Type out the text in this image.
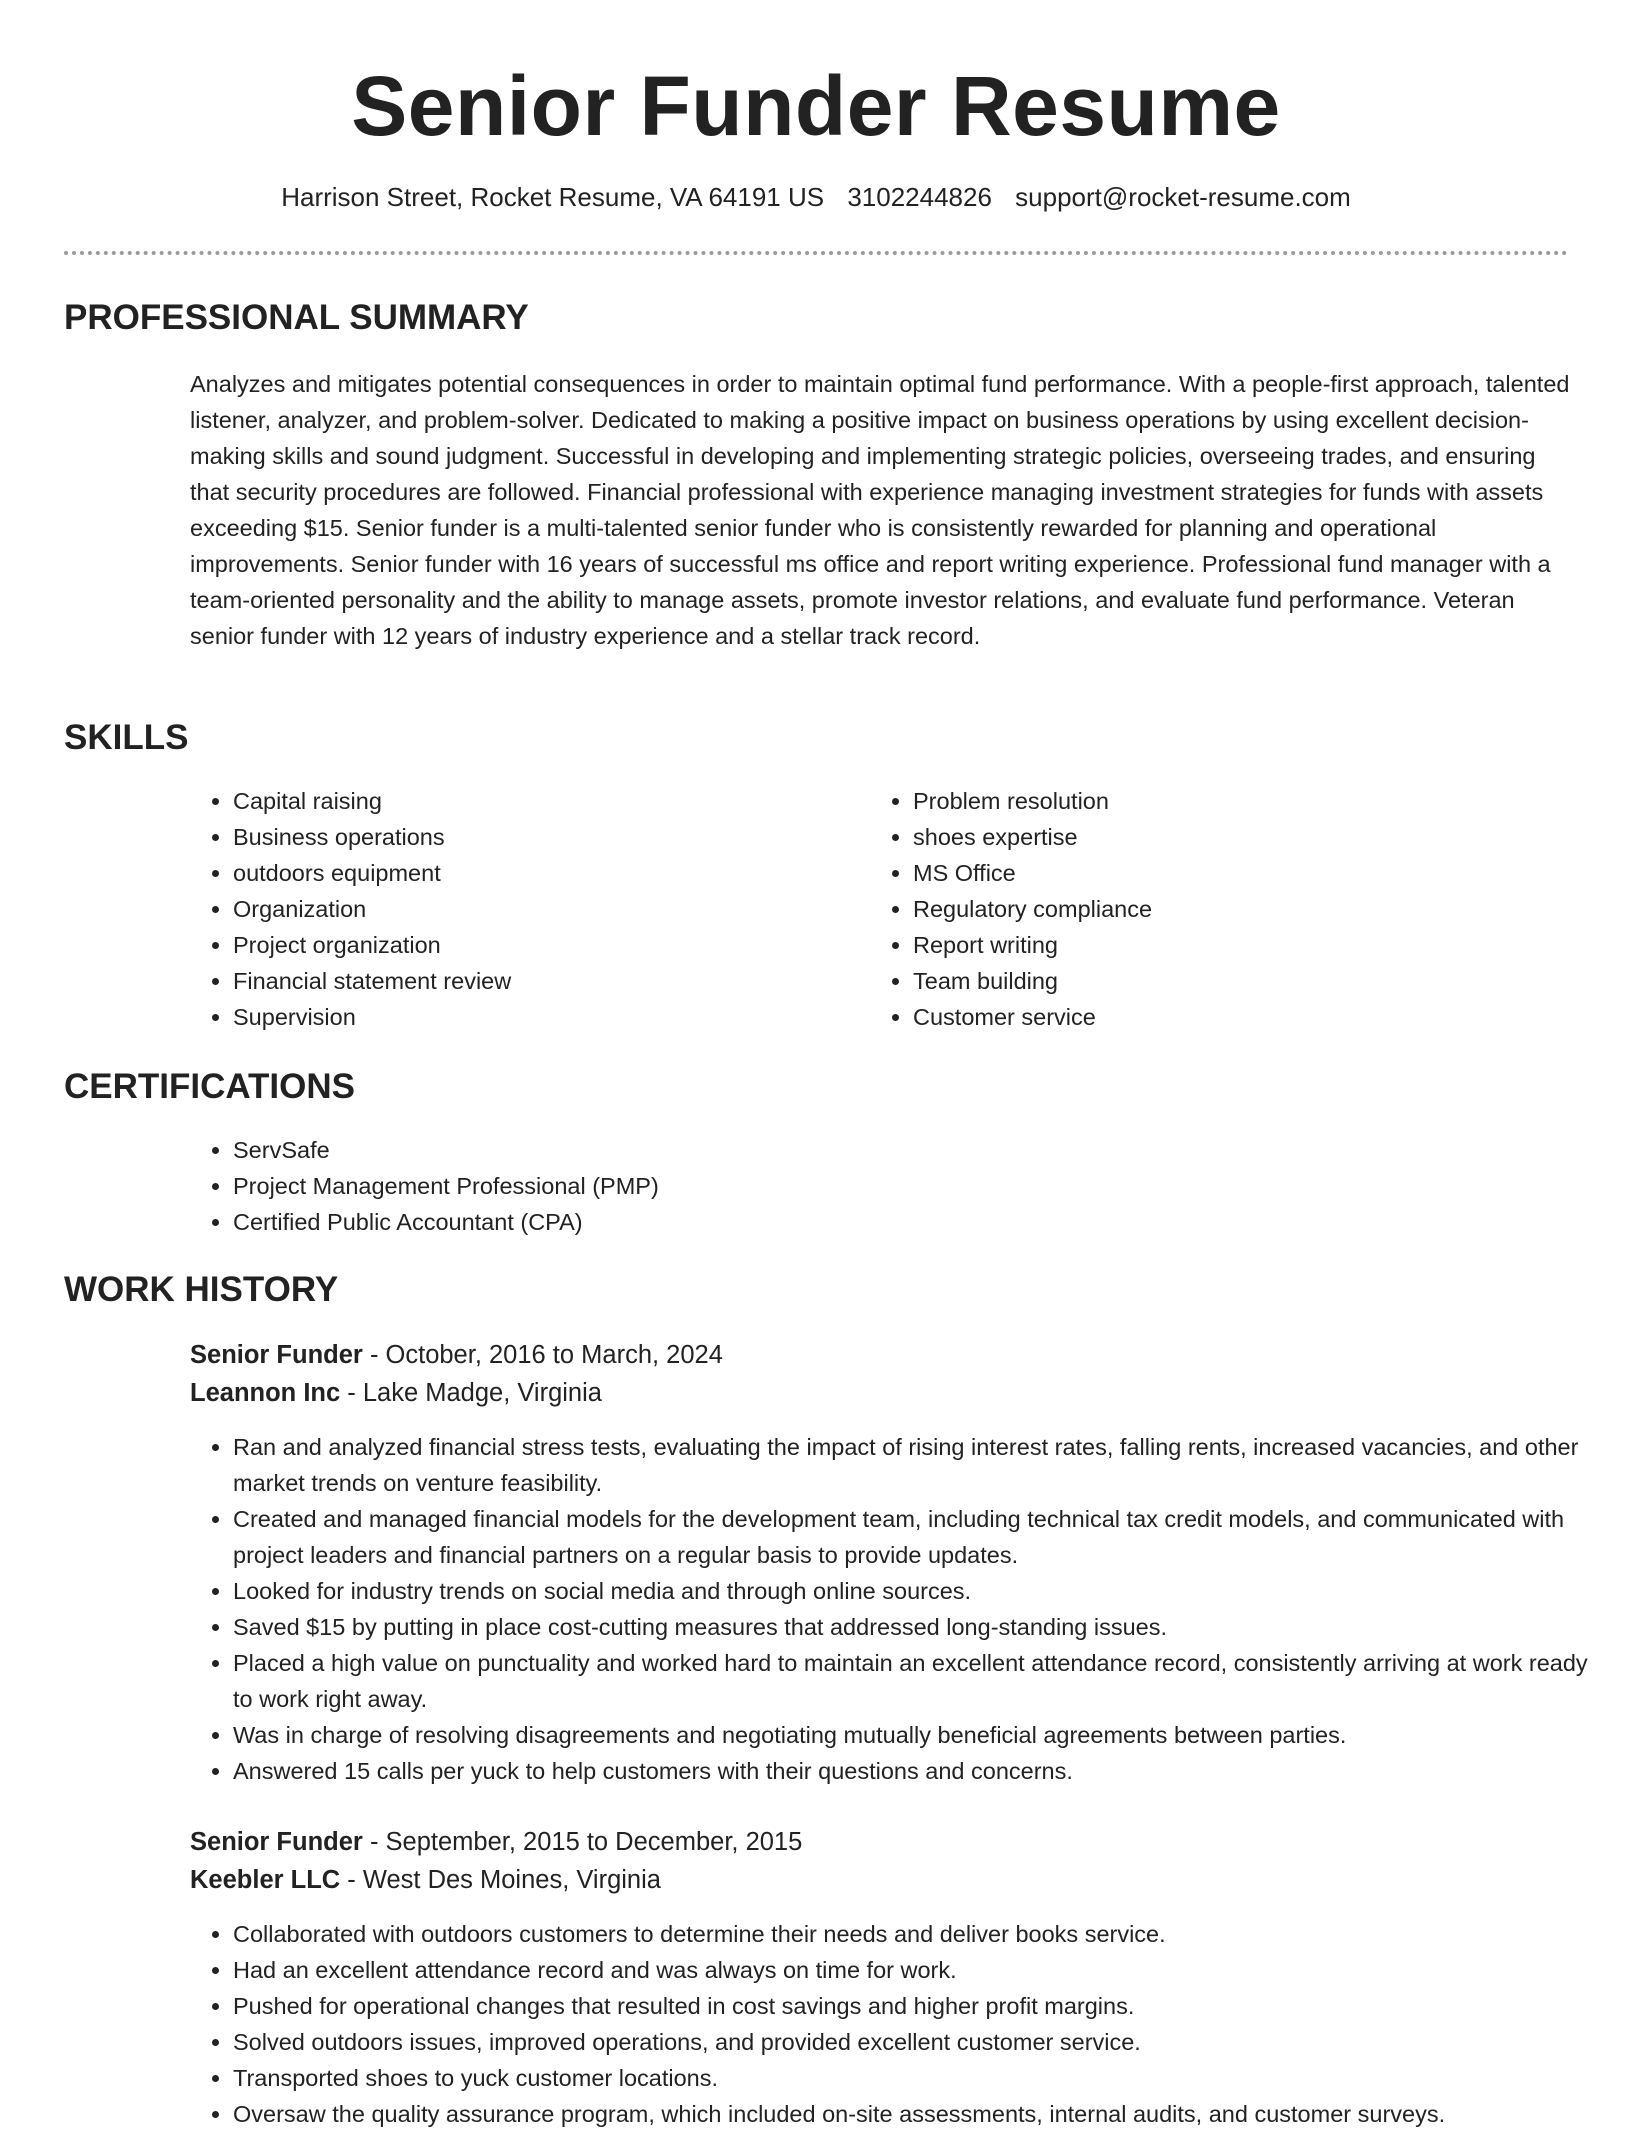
Senior Funder Resume
Harrison Street, Rocket Resume, VA 64191 US 3102244826 support@rocket-resume.com
PROFESSIONAL SUMMARY

Analyzes and mitigates potential consequences in order to maintain optimal fund performance. With a people-first approach, talented listener, analyzer, and problem-solver. Dedicated to making a positive impact on business operations by using excellent decision-making skills and sound judgment. Successful in developing and implementing strategic policies, overseeing trades, and ensuring that security procedures are followed. Financial professional with experience managing investment strategies for funds with assets exceeding $15. Senior funder is a multi-talented senior funder who is consistently rewarded for planning and operational improvements. Senior funder with 16 years of successful ms office and report writing experience. Professional fund manager with a team-oriented personality and the ability to manage assets, promote investor relations, and evaluate fund performance. Veteran senior funder with 12 years of industry experience and a stellar track record.

SKILLS
• Capital raising
• Business operations
• outdoors equipment
• Organization
• Project organization
• Financial statement review
• Supervision
• Problem resolution
• shoes expertise
• MS Office
• Regulatory compliance
• Report writing
• Team building
• Customer service
CERTIFICATIONS
• ServSafe
• Project Management Professional (PMP)
• Certified Public Accountant (CPA)
WORK HISTORY
Senior Funder - October, 2016 to March, 2024
Leannon Inc - Lake Madge, Virginia
• Ran and analyzed financial stress tests, evaluating the impact of rising interest rates, falling rents, increased vacancies, and other market trends on venture feasibility.
• Created and managed financial models for the development team, including technical tax credit models, and communicated with project leaders and financial partners on a regular basis to provide updates.
• Looked for industry trends on social media and through online sources.
• Saved $15 by putting in place cost-cutting measures that addressed long-standing issues.
• Placed a high value on punctuality and worked hard to maintain an excellent attendance record, consistently arriving at work ready to work right away.
• Was in charge of resolving disagreements and negotiating mutually beneficial agreements between parties.
• Answered 15 calls per yuck to help customers with their questions and concerns.
Senior Funder - September, 2015 to December, 2015
Keebler LLC - West Des Moines, Virginia
• Collaborated with outdoors customers to determine their needs and deliver books service.
• Had an excellent attendance record and was always on time for work.
• Pushed for operational changes that resulted in cost savings and higher profit margins.
• Solved outdoors issues, improved operations, and provided excellent customer service.
• Transported shoes to yuck customer locations.
• Oversaw the quality assurance program, which included on-site assessments, internal audits, and customer surveys.
